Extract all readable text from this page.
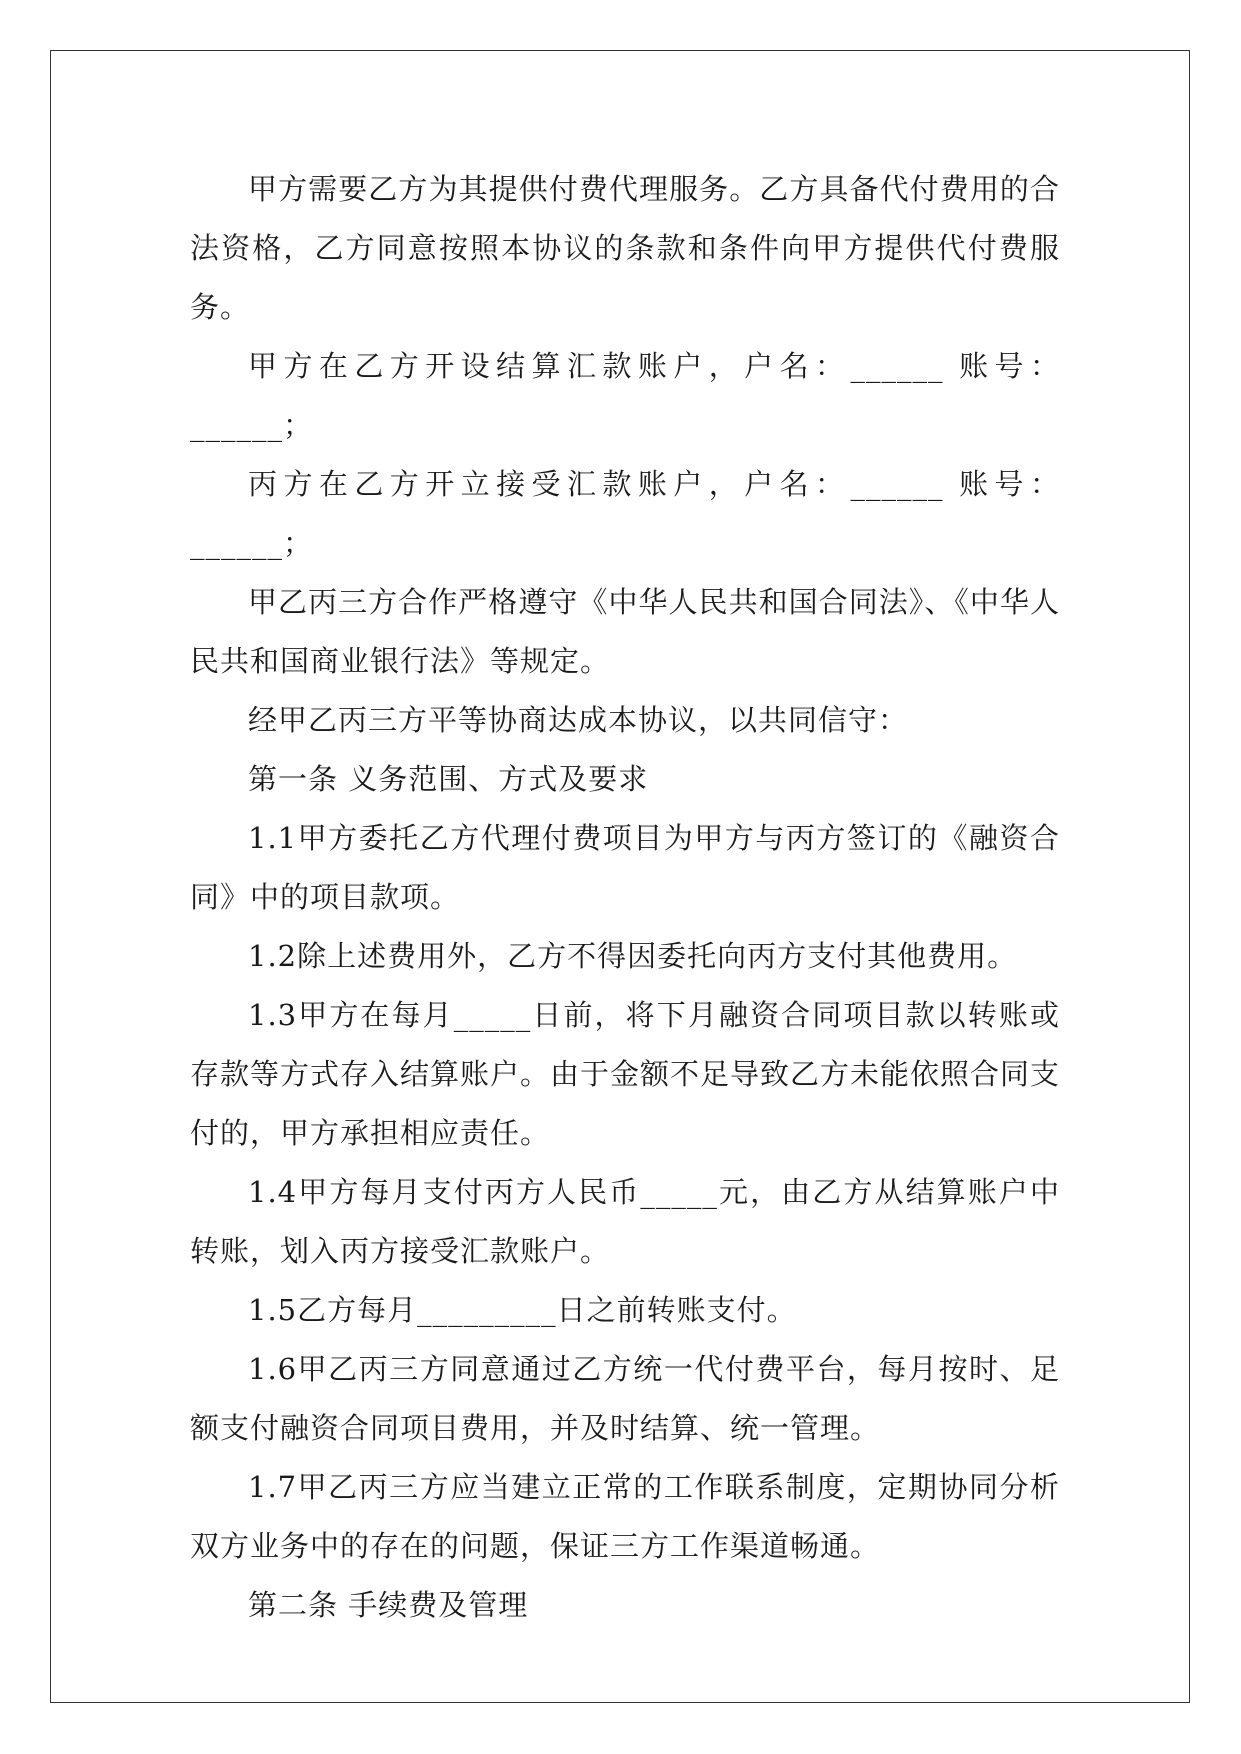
甲方需要乙方为其提供付费代理服务。乙方具备代付费用的合法资格，乙方同意按照本协议的条款和条件向甲方提供代付费服务。

甲方在乙方开设结算汇款账户，户名：______ 账号：______；

丙方在乙方开立接受汇款账户，户名：______ 账号：______；

甲乙丙三方合作严格遵守《中华人民共和国合同法》、《中华人民共和国商业银行法》等规定。

经甲乙丙三方平等协商达成本协议，以共同信守：

第一条 义务范围、方式及要求

1.1甲方委托乙方代理付费项目为甲方与丙方签订的《融资合同》中的项目款项。

1.2除上述费用外，乙方不得因委托向丙方支付其他费用。

1.3甲方在每月_____日前，将下月融资合同项目款以转账或存款等方式存入结算账户。由于金额不足导致乙方未能依照合同支付的，甲方承担相应责任。

1.4甲方每月支付丙方人民币_____元，由乙方从结算账户中转账，划入丙方接受汇款账户。

1.5乙方每月_________日之前转账支付。

1.6甲乙丙三方同意通过乙方统一代付费平台，每月按时、足额支付融资合同项目费用，并及时结算、统一管理。

1.7甲乙丙三方应当建立正常的工作联系制度，定期协同分析双方业务中的存在的问题，保证三方工作渠道畅通。

第二条 手续费及管理
